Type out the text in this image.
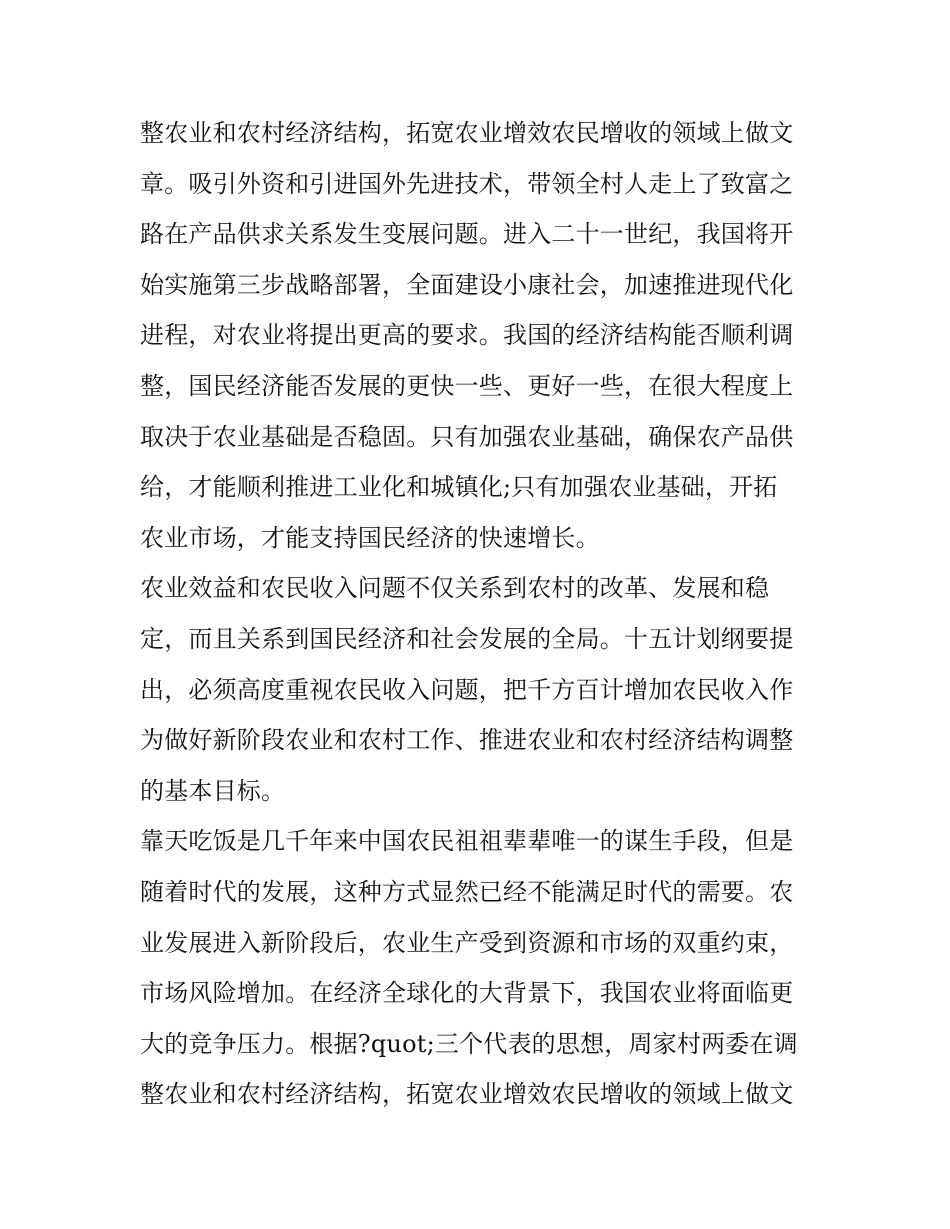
整农业和农村经济结构，拓宽农业增效农民增收的领域上做文
章。吸引外资和引进国外先进技术，带领全村人走上了致富之
路在产品供求关系发生变展问题。进入二十一世纪，我国将开
始实施第三步战略部署，全面建设小康社会，加速推进现代化
进程，对农业将提出更高的要求。我国的经济结构能否顺利调
整，国民经济能否发展的更快一些、更好一些，在很大程度上
取决于农业基础是否稳固。只有加强农业基础，确保农产品供
给，才能顺利推进工业化和城镇化;只有加强农业基础，开拓
农业市场，才能支持国民经济的快速增长。
农业效益和农民收入问题不仅关系到农村的改革、发展和稳
定，而且关系到国民经济和社会发展的全局。十五计划纲要提
出，必须高度重视农民收入问题，把千方百计增加农民收入作
为做好新阶段农业和农村工作、推进农业和农村经济结构调整
的基本目标。
靠天吃饭是几千年来中国农民祖祖辈辈唯一的谋生手段，但是
随着时代的发展，这种方式显然已经不能满足时代的需要。农
业发展进入新阶段后，农业生产受到资源和市场的双重约束，
市场风险增加。在经济全球化的大背景下，我国农业将面临更
大的竞争压力。根据?quot;三个代表的思想，周家村两委在调
整农业和农村经济结构，拓宽农业增效农民增收的领域上做文
